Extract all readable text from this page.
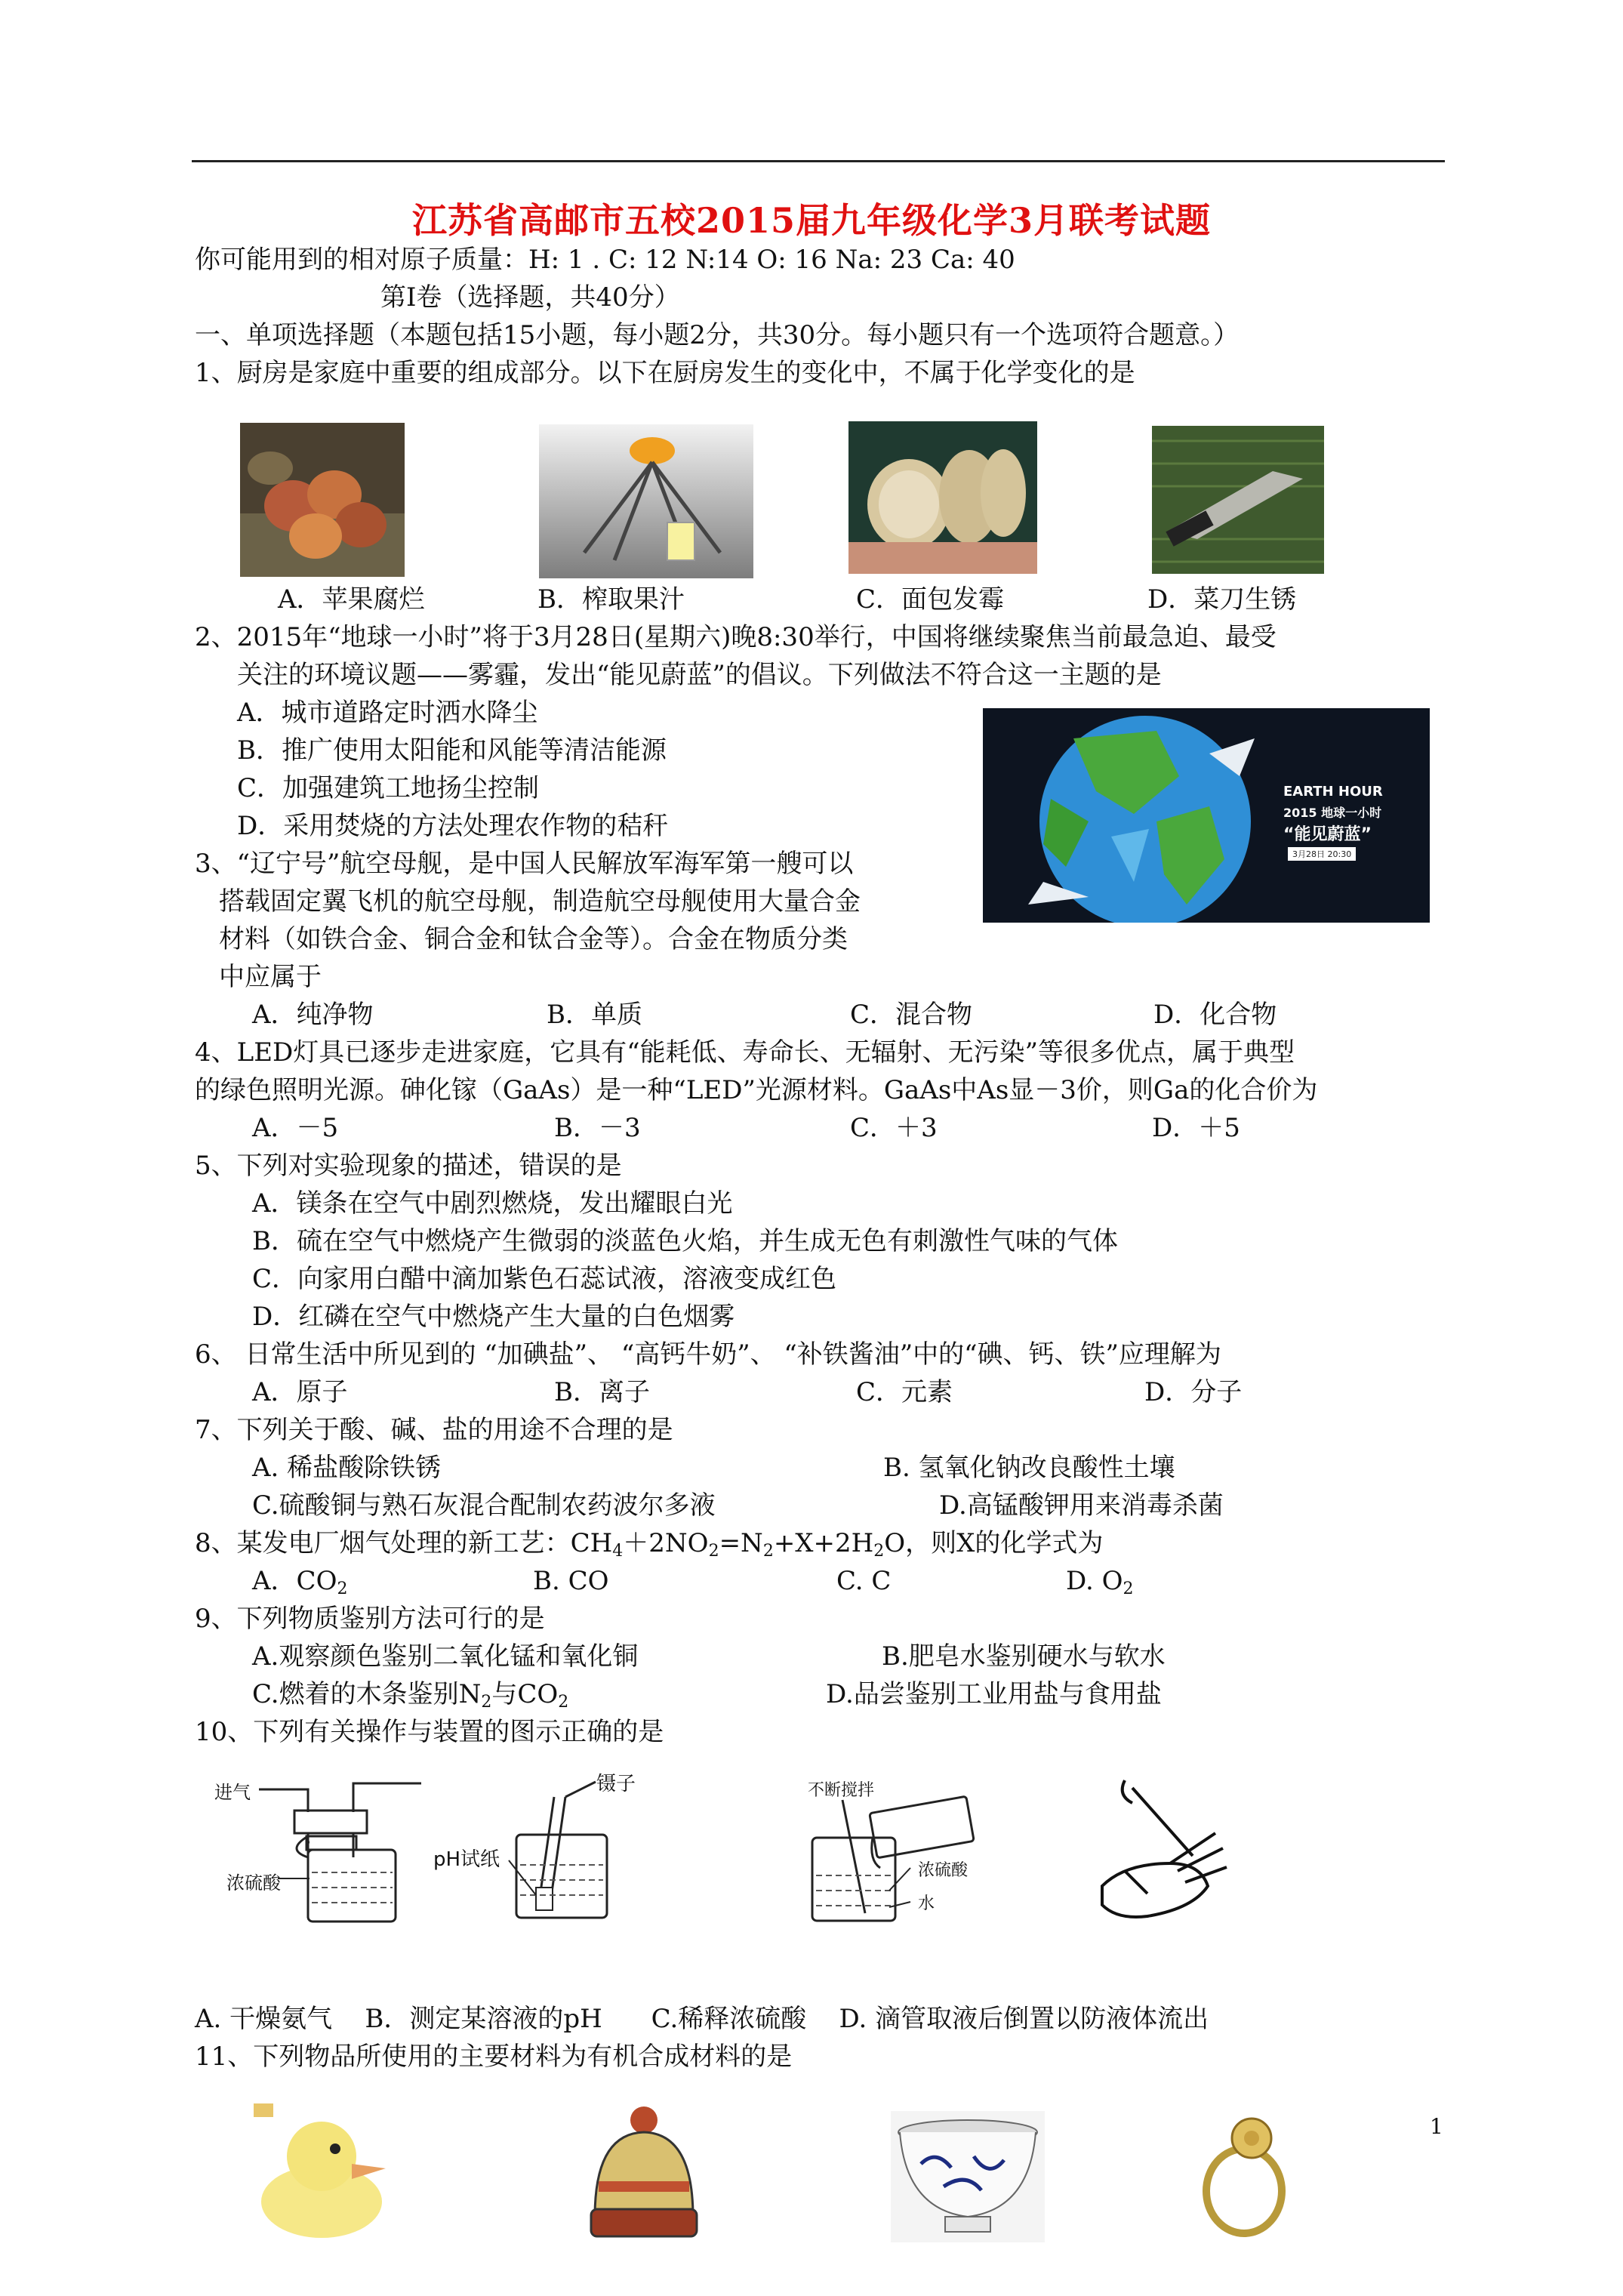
江苏省高邮市五校2015届九年级化学3月联考试题
你可能用到的相对原子质量：H: 1 . C: 12 N:14 O: 16 Na: 23 Ca: 40
第Ⅰ卷（选择题，共40分）
一、单项选择题（本题包括15小题，每小题2分，共30分。每小题只有一个选项符合题意。）
1、厨房是家庭中重要的组成部分。以下在厨房发生的变化中，不属于化学变化的是
A．苹果腐烂	B．榨取果汁	C．面包发霉	D．菜刀生锈
2、2015年“地球一小时”将于3月28日(星期六)晚8:30举行，中国将继续聚焦当前最急迫、最受
关注的环境议题——雾霾，发出“能见蔚蓝”的倡议。下列做法不符合这一主题的是
A．城市道路定时洒水降尘
B．推广使用太阳能和风能等清洁能源
C．加强建筑工地扬尘控制
D．采用焚烧的方法处理农作物的秸秆
EARTH HOUR
2015 地球一小时
“能见蔚蓝”
3月28日 20:30
3、“辽宁号”航空母舰，是中国人民解放军海军第一艘可以
搭载固定翼飞机的航空母舰，制造航空母舰使用大量合金
材料（如铁合金、铜合金和钛合金等）。合金在物质分类
中应属于
A．纯净物	B．单质	C．混合物	D．化合物
4、LED灯具已逐步走进家庭，它具有“能耗低、寿命长、无辐射、无污染”等很多优点，属于典型
的绿色照明光源。砷化镓（GaAs）是一种“LED”光源材料。GaAs中As显－3价，则Ga的化合价为
A．－5	B．－3	C．＋3	D．＋5
5、下列对实验现象的描述，错误的是
A．镁条在空气中剧烈燃烧，发出耀眼白光
B．硫在空气中燃烧产生微弱的淡蓝色火焰，并生成无色有刺激性气味的气体
C．向家用白醋中滴加紫色石蕊试液，溶液变成红色
D．红磷在空气中燃烧产生大量的白色烟雾
6、 日常生活中所见到的 “加碘盐”、 “高钙牛奶”、 “补铁酱油”中的“碘、钙、铁”应理解为
A．原子	B．离子	C．元素	D．分子
7、下列关于酸、碱、盐的用途不合理的是
A. 稀盐酸除铁锈	B. 氢氧化钠改良酸性土壤
C.硫酸铜与熟石灰混合配制农药波尔多液	D.高锰酸钾用来消毒杀菌
8、某发电厂烟气处理的新工艺：$CH_4+2NO_2=N_2+X+2H_2O$，则X的化学式为
A．$CO_2$	B. CO	C. C	D. $O_2$
9、下列物质鉴别方法可行的是
A.观察颜色鉴别二氧化锰和氧化铜	B.肥皂水鉴别硬水与软水
C.燃着的木条鉴别$N_2$与$CO_2$	D.品尝鉴别工业用盐与食用盐
10、下列有关操作与装置的图示正确的是
进气
浓硫酸
镊子
pH试纸
不断搅拌
浓硫酸
水
A. 干燥氨气    B．测定某溶液的pH      C.稀释浓硫酸    D. 滴管取液后倒置以防液体流出
11、下列物品所使用的主要材料为有机合成材料的是
1
